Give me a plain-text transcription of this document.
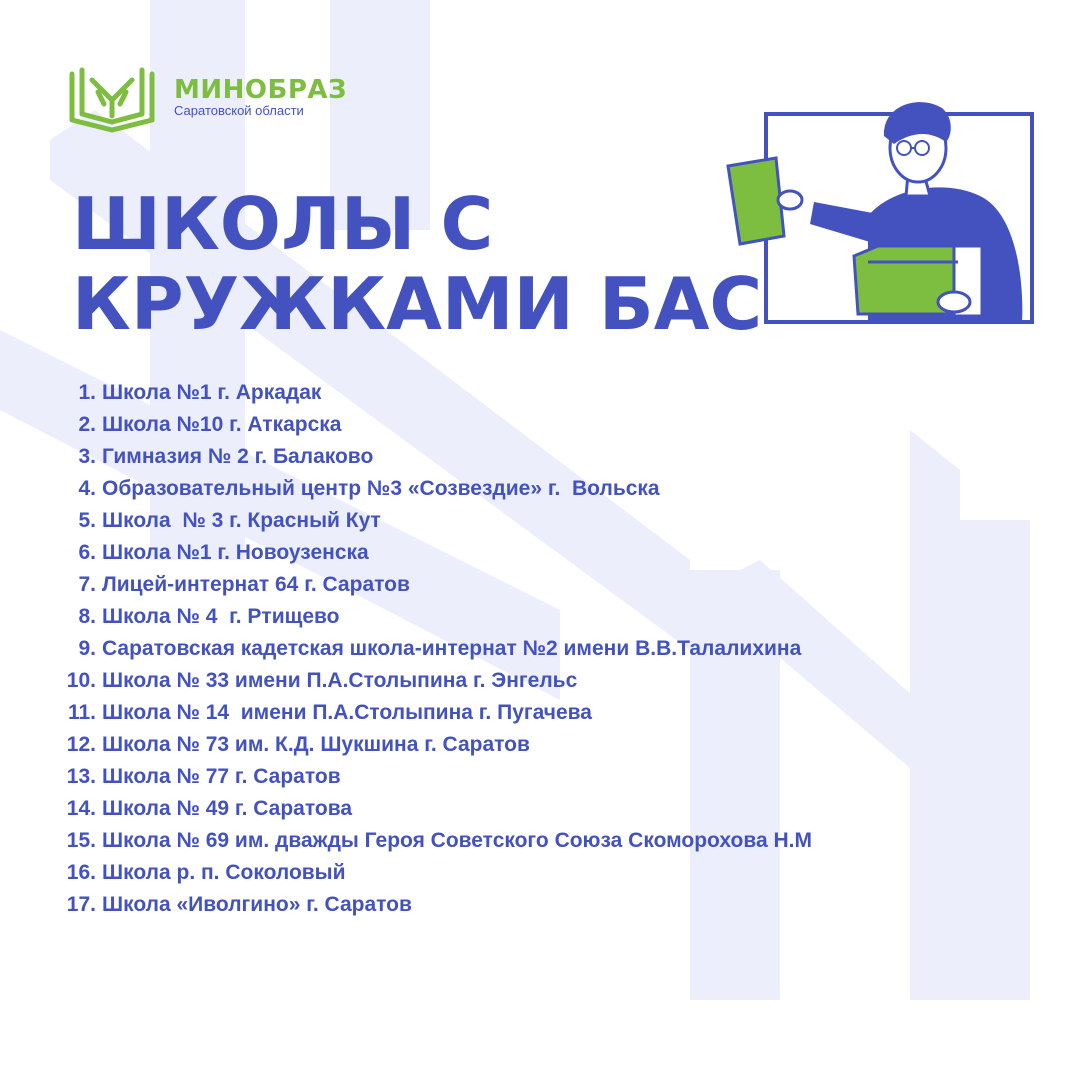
МИНОБРАЗ
Саратовской области
ШКОЛЫ С
КРУЖКАМИ БАС
1. Школа №1 г. Аркадак
2. Школа №10 г. Аткарска
3. Гимназия № 2 г. Балаково
4. Образовательный центр №3 «Созвездие» г.  Вольска
5. Школа  № 3 г. Красный Кут
6. Школа №1 г. Новоузенска
7. Лицей-интернат 64 г. Саратов
8. Школа № 4  г. Ртищево
9. Саратовская кадетская школа-интернат №2 имени В.В.Талалихина
10. Школа № 33 имени П.А.Столыпина г. Энгельс
11. Школа № 14  имени П.А.Столыпина г. Пугачева
12. Школа № 73 им. К.Д. Шукшина г. Саратов
13. Школа № 77 г. Саратов
14. Школа № 49 г. Саратова
15. Школа № 69 им. дважды Героя Советского Союза Скоморохова Н.М
16. Школа р. п. Соколовый
17. Школа «Иволгино» г. Саратов
